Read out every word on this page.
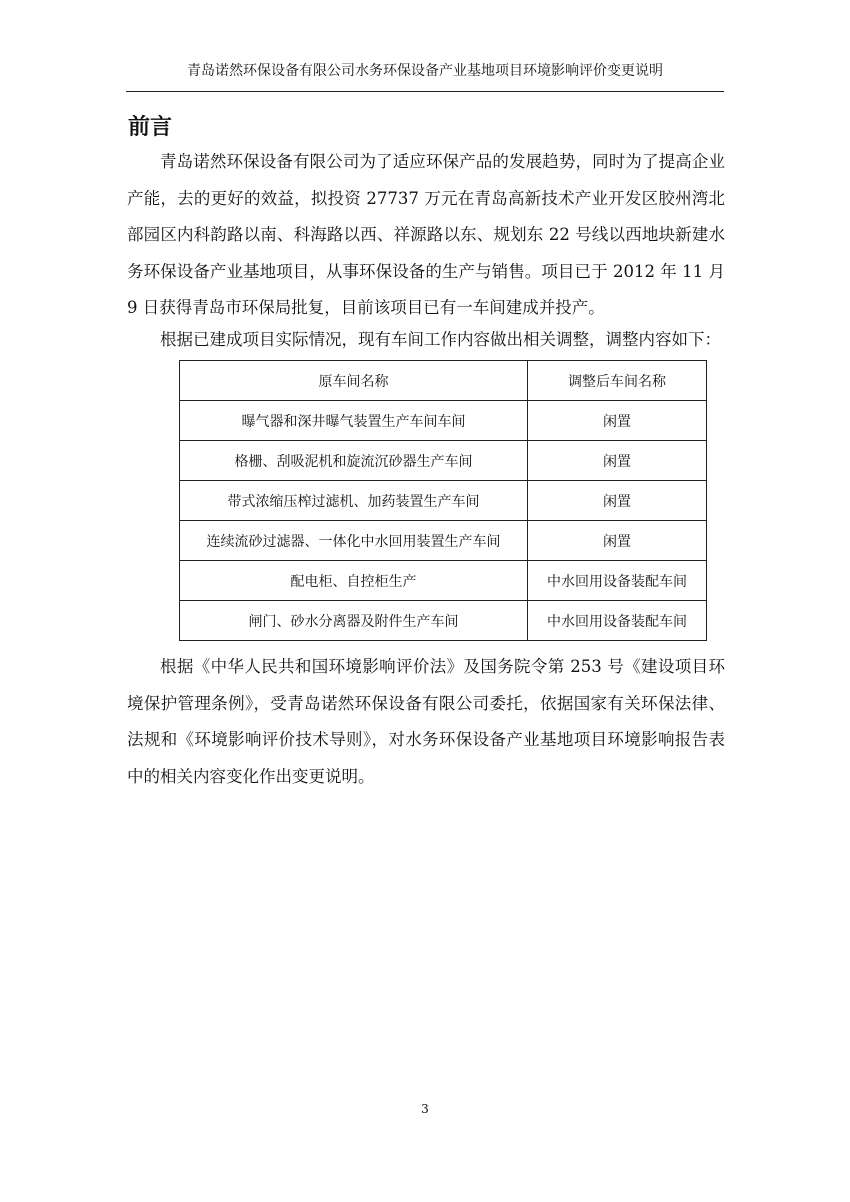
青岛诺然环保设备有限公司水务环保设备产业基地项目环境影响评价变更说明
前言

青岛诺然环保设备有限公司为了适应环保产品的发展趋势，同时为了提高企业产能，去的更好的效益，拟投资 27737 万元在青岛高新技术产业开发区胶州湾北部园区内科韵路以南、科海路以西、祥源路以东、规划东 22 号线以西地块新建水务环保设备产业基地项目，从事环保设备的生产与销售。项目已于 2012 年 11 月 9 日获得青岛市环保局批复，目前该项目已有一车间建成并投产。

根据已建成项目实际情况，现有车间工作内容做出相关调整，调整内容如下：

原车间名称	调整后车间名称
曝气器和深井曝气装置生产车间车间	闲置
格栅、刮吸泥机和旋流沉砂器生产车间	闲置
带式浓缩压榨过滤机、加药装置生产车间	闲置
连续流砂过滤器、一体化中水回用装置生产车间	闲置
配电柜、自控柜生产	中水回用设备装配车间
闸门、砂水分离器及附件生产车间	中水回用设备装配车间

根据《中华人民共和国环境影响评价法》及国务院令第 253 号《建设项目环境保护管理条例》，受青岛诺然环保设备有限公司委托，依据国家有关环保法律、法规和《环境影响评价技术导则》，对水务环保设备产业基地项目环境影响报告表中的相关内容变化作出变更说明。

3
